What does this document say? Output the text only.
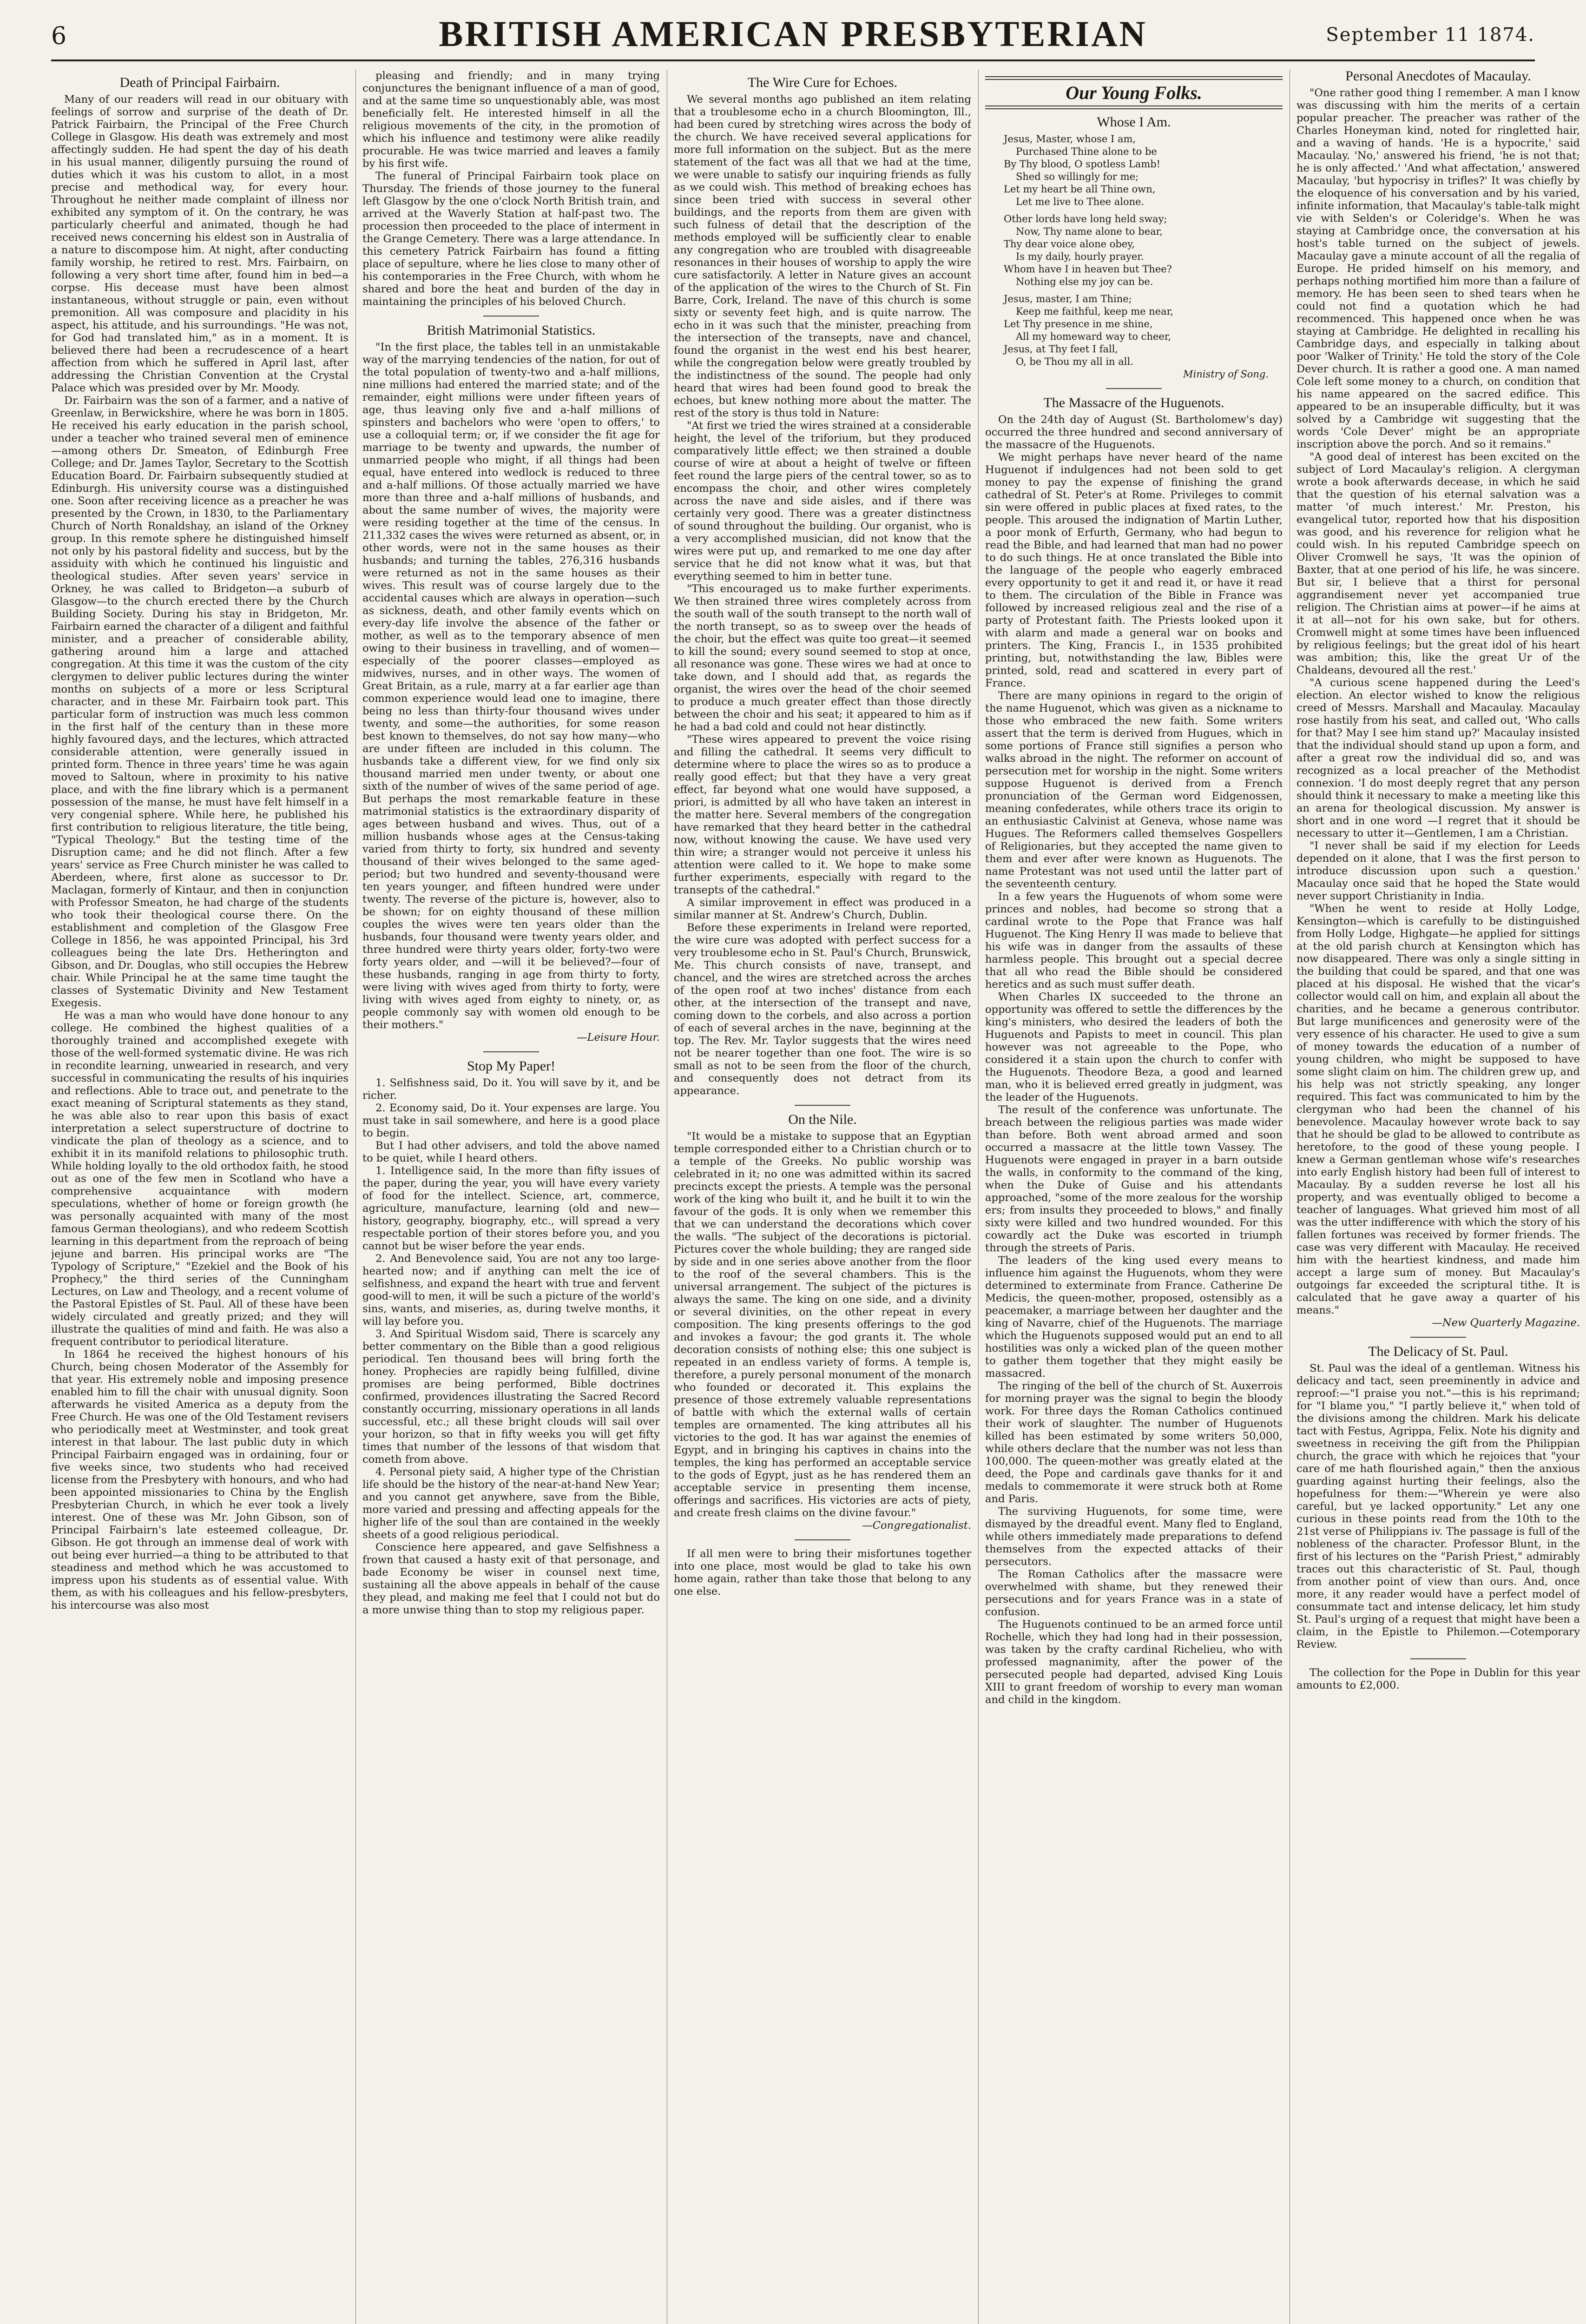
6	BRITISH AMERICAN PRESBYTERIAN	September 11 1874.
Death of Principal Fairbairn.

Many of our readers will read in our obituary with feelings of sorrow and surprise of the death of Dr. Patrick Fairbairn, the Principal of the Free Church College in Glasgow. His death was extremely and most affectingly sudden. He had spent the day of his death in his usual manner, diligently pursuing the round of duties which it was his custom to allot, in a most precise and methodical way, for every hour. Throughout he neither made complaint of illness nor exhibited any symptom of it. On the contrary, he was particularly cheerful and animated, though he had received news concerning his eldest son in Australia of a nature to discompose him. At night, after conducting family worship, he retired to rest. Mrs. Fairbairn, on following a very short time after, found him in bed—a corpse. His decease must have been almost instantaneous, without struggle or pain, even without premonition. All was composure and placidity in his aspect, his attitude, and his surroundings. "He was not, for God had translated him," as in a moment. It is believed there had been a recrudescence of a heart affection from which he suffered in April last, after addressing the Christian Convention at the Crystal Palace which was presided over by Mr. Moody.

Dr. Fairbairn was the son of a farmer, and a native of Greenlaw, in Berwickshire, where he was born in 1805. He received his early education in the parish school, under a teacher who trained several men of eminence—among others Dr. Smeaton, of Edinburgh Free College; and Dr. James Taylor, Secretary to the Scottish Education Board. Dr. Fairbairn subsequently studied at Edinburgh. His university course was a distinguished one. Soon after receiving licence as a preacher he was presented by the Crown, in 1830, to the Parliamentary Church of North Ronaldshay, an island of the Orkney group. In this remote sphere he distinguished himself not only by his pastoral fidelity and success, but by the assiduity with which he continued his linguistic and theological studies. After seven years' service in Orkney, he was called to Bridgeton—a suburb of Glasgow—to the church erected there by the Church Building Society. During his stay in Bridgeton, Mr. Fairbairn earned the character of a diligent and faithful minister, and a preacher of considerable ability, gathering around him a large and attached congregation. At this time it was the custom of the city clergymen to deliver public lectures during the winter months on subjects of a more or less Scriptural character, and in these Mr. Fairbairn took part. This particular form of instruction was much less common in the first half of the century than in these more highly favoured days, and the lectures, which attracted considerable attention, were generally issued in printed form. Thence in three years' time he was again moved to Saltoun, where in proximity to his native place, and with the fine library which is a permanent possession of the manse, he must have felt himself in a very congenial sphere. While here, he published his first contribution to religious literature, the title being, "Typical Theology." But the testing time of the Disruption came; and he did not flinch. After a few years' service as Free Church minister he was called to Aberdeen, where, first alone as successor to Dr. Maclagan, formerly of Kintaur, and then in conjunction with Professor Smeaton, he had charge of the students who took their theological course there. On the establishment and completion of the Glasgow Free College in 1856, he was appointed Principal, his 3rd colleagues being the late Drs. Hetherington and Gibson, and Dr. Douglas, who still occupies the Hebrew chair. While Principal he at the same time taught the classes of Systematic Divinity and New Testament Exegesis.

He was a man who would have done honour to any college. He combined the highest qualities of a thoroughly trained and accomplished exegete with those of the well-formed systematic divine. He was rich in recondite learning, unwearied in research, and very successful in communicating the results of his inquiries and reflections. Able to trace out, and penetrate to the exact meaning of Scriptural statements as they stand, he was able also to rear upon this basis of exact interpretation a select superstructure of doctrine to vindicate the plan of theology as a science, and to exhibit it in its manifold relations to philosophic truth. While holding loyally to the old orthodox faith, he stood out as one of the few men in Scotland who have a comprehensive acquaintance with modern speculations, whether of home or foreign growth (he was personally acquainted with many of the most famous German theologians), and who redeem Scottish learning in this department from the reproach of being jejune and barren. His principal works are "The Typology of Scripture," "Ezekiel and the Book of his Prophecy," the third series of the Cunningham Lectures, on Law and Theology, and a recent volume of the Pastoral Epistles of St. Paul. All of these have been widely circulated and greatly prized; and they will illustrate the qualities of mind and faith. He was also a frequent contributor to periodical literature.

In 1864 he received the highest honours of his Church, being chosen Moderator of the Assembly for that year. His extremely noble and imposing presence enabled him to fill the chair with unusual dignity. Soon afterwards he visited America as a deputy from the Free Church. He was one of the Old Testament revisers who periodically meet at Westminster, and took great interest in that labour. The last public duty in which Principal Fairbairn engaged was in ordaining, four or five weeks since, two students who had received license from the Presbytery with honours, and who had been appointed missionaries to China by the English Presbyterian Church, in which he ever took a lively interest. One of these was Mr. John Gibson, son of Principal Fairbairn's late esteemed colleague, Dr. Gibson. He got through an immense deal of work with out being ever hurried—a thing to be attributed to that steadiness and method which he was accustomed to impress upon his students as of essential value. With them, as with his colleagues and his fellow-presbyters, his intercourse was also most

pleasing and friendly; and in many trying conjunctures the benignant influence of a man of good, and at the same time so unquestionably able, was most beneficially felt. He interested himself in all the religious movements of the city, in the promotion of which his influence and testimony were alike readily procurable. He was twice married and leaves a family by his first wife.

The funeral of Principal Fairbairn took place on Thursday. The friends of those journey to the funeral left Glasgow by the one o'clock North British train, and arrived at the Waverly Station at half-past two. The procession then proceeded to the place of interment in the Grange Cemetery. There was a large attendance. In this cemetery Patrick Fairbairn has found a fitting place of sepulture, where he lies close to many other of his contemporaries in the Free Church, with whom he shared and bore the heat and burden of the day in maintaining the principles of his beloved Church.

British Matrimonial Statistics.

"In the first place, the tables tell in an unmistakable way of the marrying tendencies of the nation, for out of the total population of twenty-two and a-half millions, nine millions had entered the married state; and of the remainder, eight millions were under fifteen years of age, thus leaving only five and a-half millions of spinsters and bachelors who were 'open to offers,' to use a colloquial term; or, if we consider the fit age for marriage to be twenty and upwards, the number of unmarried people who might, if all things had been equal, have entered into wedlock is reduced to three and a-half millions. Of those actually married we have more than three and a-half millions of husbands, and about the same number of wives, the majority were were residing together at the time of the census. In 211,332 cases the wives were returned as absent, or, in other words, were not in the same houses as their husbands; and turning the tables, 276,316 husbands were returned as not in the same houses as their wives. This result was of course largely due to the accidental causes which are always in operation—such as sickness, death, and other family events which on every-day life involve the absence of the father or mother, as well as to the temporary absence of men owing to their business in travelling, and of women—especially of the poorer classes—employed as midwives, nurses, and in other ways. The women of Great Britain, as a rule, marry at a far earlier age than common experience would lead one to imagine, there being no less than thirty-four thousand wives under twenty, and some—the authorities, for some reason best known to themselves, do not say how many—who are under fifteen are included in this column. The husbands take a different view, for we find only six thousand married men under twenty, or about one sixth of the number of wives of the same period of age. But perhaps the most remarkable feature in these matrimonial statistics is the extraordinary disparity of ages between husband and wives. Thus, out of a million husbands whose ages at the Census-taking varied from thirty to forty, six hundred and seventy thousand of their wives belonged to the same aged-period; but two hundred and seventy-thousand were ten years younger, and fifteen hundred were under twenty. The reverse of the picture is, however, also to be shown; for on eighty thousand of these million couples the wives were ten years older than the husbands, four thousand were twenty years older, and three hundred were thirty years older, forty-two were forty years older, and —will it be believed?—four of these husbands, ranging in age from thirty to forty, were living with wives aged from thirty to forty, were living with wives aged from eighty to ninety, or, as people commonly say with women old enough to be their mothers."

—Leisure Hour.
Stop My Paper!

1. Selfishness said, Do it. You will save by it, and be richer.

2. Economy said, Do it. Your expenses are large. You must take in sail somewhere, and here is a good place to begin.

But I had other advisers, and told the above named to be quiet, while I heard others.

1. Intelligence said, In the more than fifty issues of the paper, during the year, you will have every variety of food for the intellect. Science, art, commerce, agriculture, manufacture, learning (old and new—history, geography, biography, etc., will spread a very respectable portion of their stores before you, and you cannot but be wiser before the year ends.

2. And Benevolence said, You are not any too large-hearted now; and if anything can melt the ice of selfishness, and expand the heart with true and fervent good-will to men, it will be such a picture of the world's sins, wants, and miseries, as, during twelve months, it will lay before you.

3. And Spiritual Wisdom said, There is scarcely any better commentary on the Bible than a good religious periodical. Ten thousand bees will bring forth the honey. Prophecies are rapidly being fulfilled, divine promises are being performed, Bible doctrines confirmed, providences illustrating the Sacred Record constantly occurring, missionary operations in all lands successful, etc.; all these bright clouds will sail over your horizon, so that in fifty weeks you will get fifty times that number of the lessons of that wisdom that cometh from above.

4. Personal piety said, A higher type of the Christian life should be the history of the near-at-hand New Year; and you cannot get anywhere, save from the Bible, more varied and pressing and affecting appeals for the higher life of the soul than are contained in the weekly sheets of a good religious periodical.

Conscience here appeared, and gave Selfishness a frown that caused a hasty exit of that personage, and bade Economy be wiser in counsel next time, sustaining all the above appeals in behalf of the cause they plead, and making me feel that I could not but do a more unwise thing than to stop my religious paper.

The Wire Cure for Echoes.

We several months ago published an item relating that a troublesome echo in a church Bloomington, Ill., had been cured by stretching wires across the body of the church. We have received several applications for more full information on the subject. But as the mere statement of the fact was all that we had at the time, we were unable to satisfy our inquiring friends as fully as we could wish. This method of breaking echoes has since been tried with success in several other buildings, and the reports from them are given with such fulness of detail that the description of the methods employed will be sufficiently clear to enable any congregation who are troubled with disagreeable resonances in their houses of worship to apply the wire cure satisfactorily. A letter in Nature gives an account of the application of the wires to the Church of St. Fin Barre, Cork, Ireland. The nave of this church is some sixty or seventy feet high, and is quite narrow. The echo in it was such that the minister, preaching from the intersection of the transepts, nave and chancel, found the organist in the west end his best hearer, while the congregation below were greatly troubled by the indistinctness of the sound. The people had only heard that wires had been found good to break the echoes, but knew nothing more about the matter. The rest of the story is thus told in Nature:

"At first we tried the wires strained at a considerable height, the level of the triforium, but they produced comparatively little effect; we then strained a double course of wire at about a height of twelve or fifteen feet round the large piers of the central tower, so as to encompass the choir, and other wires completely across the nave and side aisles, and if there was certainly very good. There was a greater distinctness of sound throughout the building. Our organist, who is a very accomplished musician, did not know that the wires were put up, and remarked to me one day after service that he did not know what it was, but that everything seemed to him in better tune.

"This encouraged us to make further experiments. We then strained three wires completely across from the south wall of the south transept to the north wall of the north transept, so as to sweep over the heads of the choir, but the effect was quite too great—it seemed to kill the sound; every sound seemed to stop at once, all resonance was gone. These wires we had at once to take down, and I should add that, as regards the organist, the wires over the head of the choir seemed to produce a much greater effect than those directly between the choir and his seat; it appeared to him as if he had a bad cold and could not hear distinctly.

"These wires appeared to prevent the voice rising and filling the cathedral. It seems very difficult to determine where to place the wires so as to produce a really good effect; but that they have a very great effect, far beyond what one would have supposed, a priori, is admitted by all who have taken an interest in the matter here. Several members of the congregation have remarked that they heard better in the cathedral now, without knowing the cause. We have used very thin wire; a stranger would not perceive it unless his attention were called to it. We hope to make some further experiments, especially with regard to the transepts of the cathedral."

A similar improvement in effect was produced in a similar manner at St. Andrew's Church, Dublin.

Before these experiments in Ireland were reported, the wire cure was adopted with perfect success for a very troublesome echo in St. Paul's Church, Brunswick, Me. This church consists of nave, transept, and chancel, and the wires are stretched across the arches of the open roof at two inches' distance from each other, at the intersection of the transept and nave, coming down to the corbels, and also across a portion of each of several arches in the nave, beginning at the top. The Rev. Mr. Taylor suggests that the wires need not be nearer together than one foot. The wire is so small as not to be seen from the floor of the church, and consequently does not detract from its appearance.

On the Nile.

"It would be a mistake to suppose that an Egyptian temple corresponded either to a Christian church or to a temple of the Greeks. No public worship was celebrated in it; no one was admitted within its sacred precincts except the priests. A temple was the personal work of the king who built it, and he built it to win the favour of the gods. It is only when we remember this that we can understand the decorations which cover the walls. "The subject of the decorations is pictorial. Pictures cover the whole building; they are ranged side by side and in one series above another from the floor to the roof of the several chambers. This is the universal arrangement. The subject of the pictures is always the same. The king on one side, and a divinity or several divinities, on the other repeat in every composition. The king presents offerings to the god and invokes a favour; the god grants it. The whole decoration consists of nothing else; this one subject is repeated in an endless variety of forms. A temple is, therefore, a purely personal monument of the monarch who founded or decorated it. This explains the presence of those extremely valuable representations of battle with which the external walls of certain temples are ornamented. The king attributes all his victories to the god. It has war against the enemies of Egypt, and in bringing his captives in chains into the temples, the king has performed an acceptable service to the gods of Egypt, just as he has rendered them an acceptable service in presenting them incense, offerings and sacrifices. His victories are acts of piety, and create fresh claims on the divine favour."

—Congregationalist.

If all men were to bring their misfortunes together into one place, most would be glad to take his own home again, rather than take those that belong to any one else.

Our Young Folks.
Whose I Am.
Jesus, Master, whose I am,
Purchased Thine alone to be
By Thy blood, O spotless Lamb!
Shed so willingly for me;
Let my heart be all Thine own,
Let me live to Thee alone.
Other lords have long held sway;
Now, Thy name alone to bear,
Thy dear voice alone obey,
Is my daily, hourly prayer.
Whom have I in heaven but Thee?
Nothing else my joy can be.
Jesus, master, I am Thine;
Keep me faithful, keep me near,
Let Thy presence in me shine,
All my homeward way to cheer,
Jesus, at Thy feet I fall,
O, be Thou my all in all.
Ministry of Song.
The Massacre of the Huguenots.

On the 24th day of August (St. Bartholomew's day) occurred the three hundred and second anniversary of the massacre of the Huguenots.

We might perhaps have never heard of the name Huguenot if indulgences had not been sold to get money to pay the expense of finishing the grand cathedral of St. Peter's at Rome. Privileges to commit sin were offered in public places at fixed rates, to the people. This aroused the indignation of Martin Luther, a poor monk of Erfurth, Germany, who had begun to read the Bible, and had learned that man had no power to do such things. He at once translated the Bible into the language of the people who eagerly embraced every opportunity to get it and read it, or have it read to them. The circulation of the Bible in France was followed by increased religious zeal and the rise of a party of Protestant faith. The Priests looked upon it with alarm and made a general war on books and printers. The King, Francis I., in 1535 prohibited printing, but, notwithstanding the law, Bibles were printed, sold, read and scattered in every part of France.

There are many opinions in regard to the origin of the name Huguenot, which was given as a nickname to those who embraced the new faith. Some writers assert that the term is derived from Hugues, which in some portions of France still signifies a person who walks abroad in the night. The reformer on account of persecution met for worship in the night. Some writers suppose Huguenot is derived from a French pronunciation of the German word Eidgenossen, meaning confederates, while others trace its origin to an enthusiastic Calvinist at Geneva, whose name was Hugues. The Reformers called themselves Gospellers of Religionaries, but they accepted the name given to them and ever after were known as Huguenots. The name Protestant was not used until the latter part of the seventeenth century.

In a few years the Huguenots of whom some were princes and nobles, had become so strong that a cardinal wrote to the Pope that France was half Huguenot. The King Henry II was made to believe that his wife was in danger from the assaults of these harmless people. This brought out a special decree that all who read the Bible should be considered heretics and as such must suffer death.

When Charles IX succeeded to the throne an opportunity was offered to settle the differences by the king's ministers, who desired the leaders of both the Huguenots and Papists to meet in council. This plan however was not agreeable to the Pope, who considered it a stain upon the church to confer with the Huguenots. Theodore Beza, a good and learned man, who it is believed erred greatly in judgment, was the leader of the Huguenots.

The result of the conference was unfortunate. The breach between the religious parties was made wider than before. Both went abroad armed and soon occurred a massacre at the little town Vassey. The Huguenots were engaged in prayer in a barn outside the walls, in conformity to the command of the king, when the Duke of Guise and his attendants approached, "some of the more zealous for the worship ers; from insults they proceeded to blows," and finally sixty were killed and two hundred wounded. For this cowardly act the Duke was escorted in triumph through the streets of Paris.

The leaders of the king used every means to influence him against the Huguenots, whom they were determined to exterminate from France. Catherine De Medicis, the queen-mother, proposed, ostensibly as a peacemaker, a marriage between her daughter and the king of Navarre, chief of the Huguenots. The marriage which the Huguenots supposed would put an end to all hostilities was only a wicked plan of the queen mother to gather them together that they might easily be massacred.

The ringing of the bell of the church of St. Auxerrois for morning prayer was the signal to begin the bloody work. For three days the Roman Catholics continued their work of slaughter. The number of Huguenots killed has been estimated by some writers 50,000, while others declare that the number was not less than 100,000. The queen-mother was greatly elated at the deed, the Pope and cardinals gave thanks for it and medals to commemorate it were struck both at Rome and Paris.

The surviving Huguenots, for some time, were dismayed by the dreadful event. Many fled to England, while others immediately made preparations to defend themselves from the expected attacks of their persecutors.

The Roman Catholics after the massacre were overwhelmed with shame, but they renewed their persecutions and for years France was in a state of confusion.

The Huguenots continued to be an armed force until Rochelle, which they had long had in their possession, was taken by the crafty cardinal Richelieu, who with professed magnanimity, after the power of the persecuted people had departed, advised King Louis XIII to grant freedom of worship to every man woman and child in the kingdom.

Personal Anecdotes of Macaulay.

"One rather good thing I remember. A man I know was discussing with him the merits of a certain popular preacher. The preacher was rather of the Charles Honeyman kind, noted for ringletted hair, and a waving of hands. 'He is a hypocrite,' said Macaulay. 'No,' answered his friend, 'he is not that; he is only affected.' 'And what affectation,' answered Macaulay, 'but hypocrisy in trifles?' It was chiefly by the eloquence of his conversation and by his varied, infinite information, that Macaulay's table-talk might vie with Selden's or Coleridge's. When he was staying at Cambridge once, the conversation at his host's table turned on the subject of jewels. Macaulay gave a minute account of all the regalia of Europe. He prided himself on his memory, and perhaps nothing mortified him more than a failure of memory. He has been seen to shed tears when he could not find a quotation which he had recommenced. This happened once when he was staying at Cambridge. He delighted in recalling his Cambridge days, and especially in talking about poor 'Walker of Trinity.' He told the story of the Cole Dever church. It is rather a good one. A man named Cole left some money to a church, on condition that his name appeared on the sacred edifice. This appeared to be an insuperable difficulty, but it was solved by a Cambridge wit suggesting that the words 'Cole Dever' might be an appropriate inscription above the porch. And so it remains."

"A good deal of interest has been excited on the subject of Lord Macaulay's religion. A clergyman wrote a book afterwards decease, in which he said that the question of his eternal salvation was a matter 'of much interest.' Mr. Preston, his evangelical tutor, reported how that his disposition was good, and his reverence for religion what he could wish. In his reputed Cambridge speech on Oliver Cromwell he says, 'It was the opinion of Baxter, that at one period of his life, he was sincere. But sir, I believe that a thirst for personal aggrandisement never yet accompanied true religion. The Christian aims at power—if he aims at it at all—not for his own sake, but for others. Cromwell might at some times have been influenced by religious feelings; but the great idol of his heart was ambition; this, like the great Ur of the Chaldeans, devoured all the rest.'

"A curious scene happened during the Leed's election. An elector wished to know the religious creed of Messrs. Marshall and Macaulay. Macaulay rose hastily from his seat, and called out, 'Who calls for that? May I see him stand up?' Macaulay insisted that the individual should stand up upon a form, and after a great row the individual did so, and was recognized as a local preacher of the Methodist connexion. 'I do most deeply regret that any person should think it necessary to make a meeting like this an arena for theological discussion. My answer is short and in one word —I regret that it should be necessary to utter it—Gentlemen, I am a Christian.

"I never shall be said if my election for Leeds depended on it alone, that I was the first person to introduce discussion upon such a question.' Macaulay once said that he hoped the State would never support Christianity in India.

"When he went to reside at Holly Lodge, Kensington—which is carefully to be distinguished from Holly Lodge, Highgate—he applied for sittings at the old parish church at Kensington which has now disappeared. There was only a single sitting in the building that could be spared, and that one was placed at his disposal. He wished that the vicar's collector would call on him, and explain all about the charities, and he became a generous contributor. But large munificences and generosity were of the very essence of his character. He used to give a sum of money towards the education of a number of young children, who might be supposed to have some slight claim on him. The children grew up, and his help was not strictly speaking, any longer required. This fact was communicated to him by the clergyman who had been the channel of his benevolence. Macaulay however wrote back to say that he should be glad to be allowed to contribute as heretofore, to the good of these young people. I knew a German gentleman whose wife's researches into early English history had been full of interest to Macaulay. By a sudden reverse he lost all his property, and was eventually obliged to become a teacher of languages. What grieved him most of all was the utter indifference with which the story of his fallen fortunes was received by former friends. The case was very different with Macaulay. He received him with the heartiest kindness, and made him accept a large sum of money. But Macaulay's outgoings far exceeded the scriptural tithe. It is calculated that he gave away a quarter of his means."

—New Quarterly Magazine.
The Delicacy of St. Paul.

St. Paul was the ideal of a gentleman. Witness his delicacy and tact, seen preeminently in advice and reproof:—"I praise you not."—this is his reprimand; for "I blame you," "I partly believe it," when told of the divisions among the children. Mark his delicate tact with Festus, Agrippa, Felix. Note his dignity and sweetness in receiving the gift from the Philippian church, the grace with which he rejoices that "your care of me hath flourished again," then the anxious guarding against hurting their feelings, also the hopefulness for them:—"Wherein ye were also careful, but ye lacked opportunity." Let any one curious in these points read from the 10th to the 21st verse of Philippians iv. The passage is full of the nobleness of the character. Professor Blunt, in the first of his lectures on the "Parish Priest," admirably traces out this characteristic of St. Paul, though from another point of view than ours. And, once more, it any reader would have a perfect model of consummate tact and intense delicacy, let him study St. Paul's urging of a request that might have been a claim, in the Epistle to Philemon.—Cotemporary Review.

The collection for the Pope in Dublin for this year amounts to £2,000.
